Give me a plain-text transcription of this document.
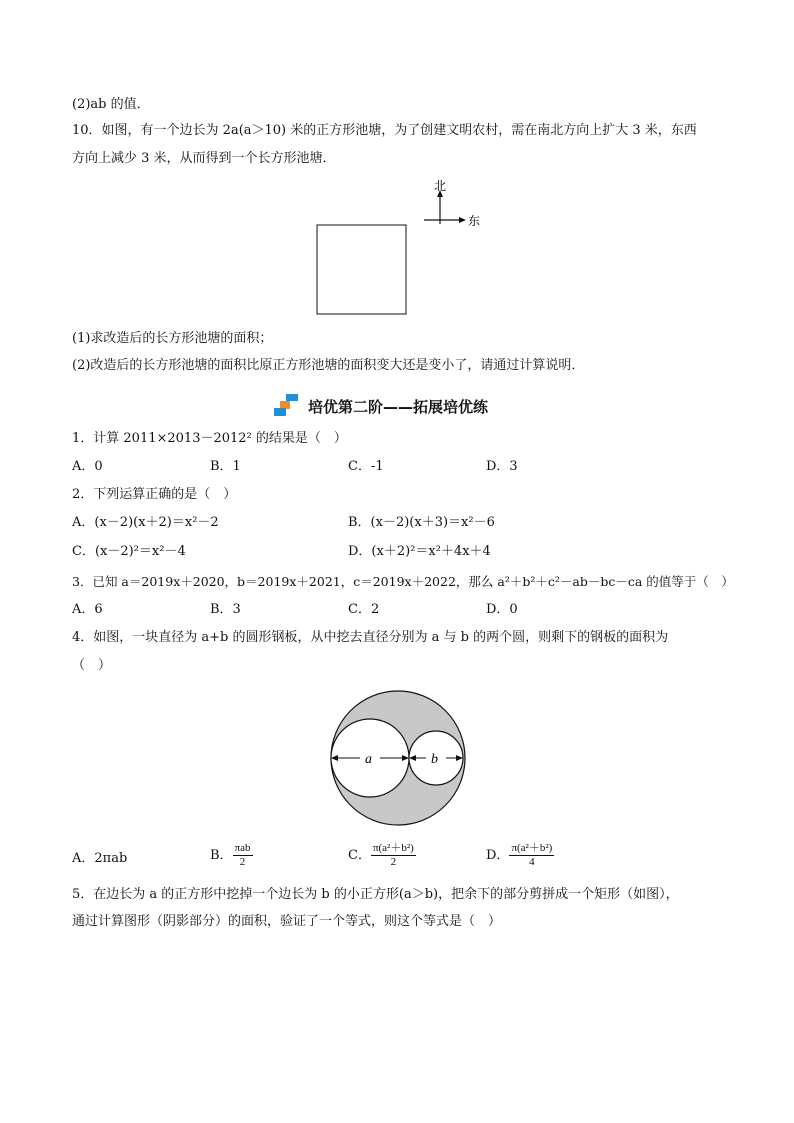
(2)ab 的值．
10．如图，有一个边长为 2a(a＞10) 米的正方形池塘，为了创建文明农村，需在南北方向上扩大 3 米，东西
方向上减少 3 米，从而得到一个长方形池塘．
北
东
(1)求改造后的长方形池塘的面积；
(2)改造后的长方形池塘的面积比原正方形池塘的面积变大还是变小了，请通过计算说明．
培优第二阶——拓展培优练
1．计算 2011×2013－2012² 的结果是（　）
A．0	B．1	C．-1	D．3
2．下列运算正确的是（　）
A．(x－2)(x＋2)＝x²－2	B．(x－2)(x＋3)＝x²－6
C．(x－2)²＝x²－4	D．(x＋2)²＝x²＋4x＋4
3．已知 a＝2019x＋2020，b＝2019x＋2021，c＝2019x＋2022，那么 a²＋b²＋c²－ab－bc－ca 的值等于（　）
A．6	B．3	C．2	D．0
4．如图，一块直径为 a+b 的圆形钢板，从中挖去直径分别为 a 与 b 的两个圆，则剩下的钢板的面积为
（　）
a	b
A．2πab	B． $\frac{\text{πab}}{2}$	C． $\frac{\text{π(a²＋b²)}}{2}$	D． $\frac{\text{π(a²＋b²)}}{4}$
5．在边长为 a 的正方形中挖掉一个边长为 b 的小正方形(a＞b)，把余下的部分剪拼成一个矩形（如图），
通过计算图形（阴影部分）的面积，验证了一个等式，则这个等式是（　）
